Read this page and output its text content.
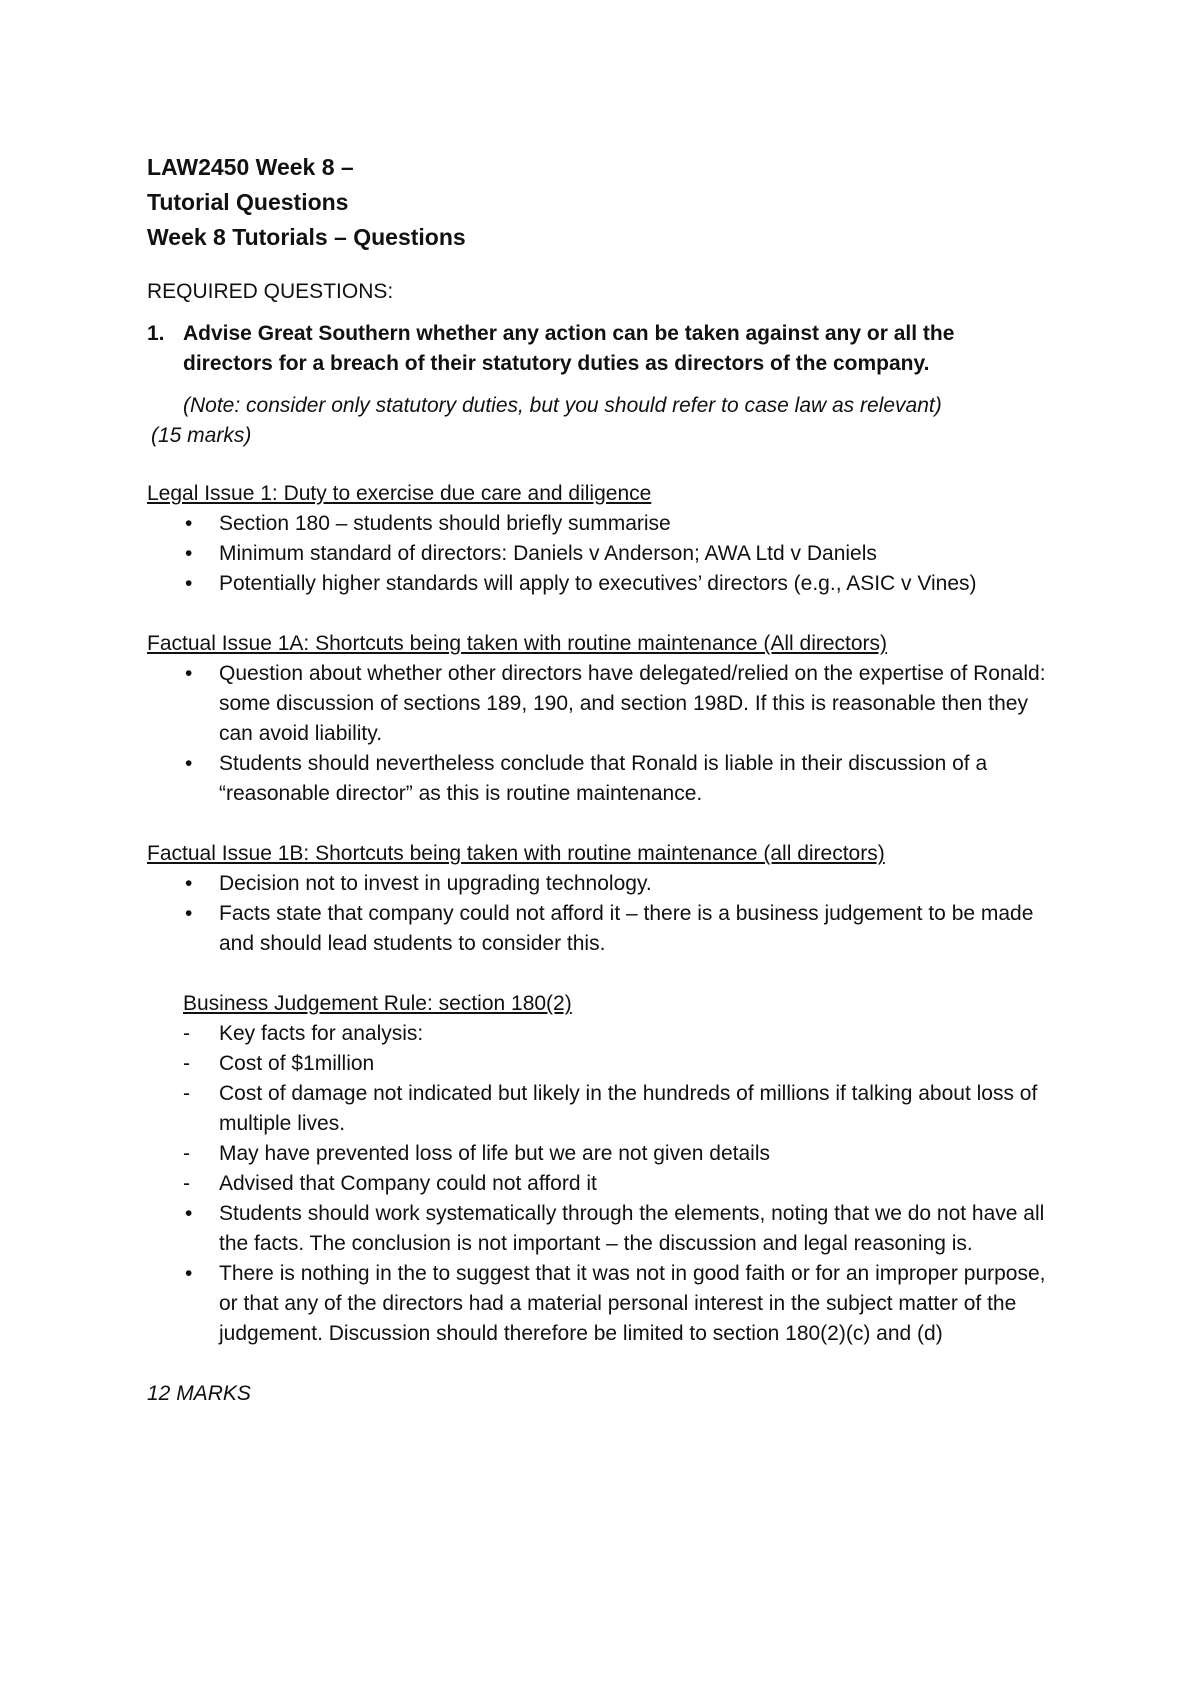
LAW2450 Week 8 –
Tutorial Questions
Week 8 Tutorials – Questions
REQUIRED QUESTIONS:
1. Advise Great Southern whether any action can be taken against any or all the directors for a breach of their statutory duties as directors of the company.
(Note: consider only statutory duties, but you should refer to case law as relevant)
(15 marks)
Legal Issue 1: Duty to exercise due care and diligence
• Section 180 – students should briefly summarise
• Minimum standard of directors: Daniels v Anderson; AWA Ltd v Daniels
• Potentially higher standards will apply to executives’ directors (e.g., ASIC v Vines)
Factual Issue 1A: Shortcuts being taken with routine maintenance (All directors)
• Question about whether other directors have delegated/relied on the expertise of Ronald: some discussion of sections 189, 190, and section 198D. If this is reasonable then they can avoid liability.
• Students should nevertheless conclude that Ronald is liable in their discussion of a “reasonable director” as this is routine maintenance.
Factual Issue 1B: Shortcuts being taken with routine maintenance (all directors)
• Decision not to invest in upgrading technology.
• Facts state that company could not afford it – there is a business judgement to be made and should lead students to consider this.
Business Judgement Rule: section 180(2)
- Key facts for analysis:
- Cost of $1million
- Cost of damage not indicated but likely in the hundreds of millions if talking about loss of multiple lives.
- May have prevented loss of life but we are not given details
- Advised that Company could not afford it
• Students should work systematically through the elements, noting that we do not have all the facts. The conclusion is not important – the discussion and legal reasoning is.
• There is nothing in the to suggest that it was not in good faith or for an improper purpose, or that any of the directors had a material personal interest in the subject matter of the judgement. Discussion should therefore be limited to section 180(2)(c) and (d)
12 MARKS
